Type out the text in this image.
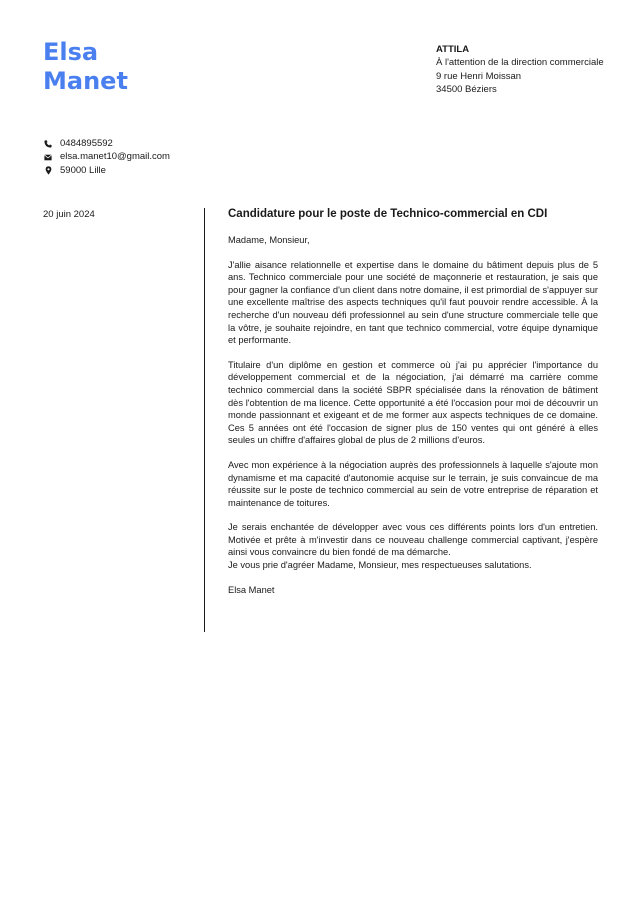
Elsa
Manet
ATTILA
À l'attention de la direction commerciale
9 rue Henri Moissan
34500 Béziers
0484895592
elsa.manet10@gmail.com
59000 Lille
20 juin 2024	Candidature pour le poste de Technico-commercial en CDI
Madame, Monsieur,

J'allie aisance relationnelle et expertise dans le domaine du bâtiment depuis plus de 5 ans. Technico commerciale pour une société de maçonnerie et restauration, je sais que pour gagner la confiance d'un client dans notre domaine, il est primordial de s'appuyer sur une excellente maîtrise des aspects techniques qu'il faut pouvoir rendre accessible. À la recherche d'un nouveau défi professionnel au sein d'une structure commerciale telle que la vôtre, je souhaite rejoindre, en tant que technico commercial, votre équipe dynamique et performante.

Titulaire d'un diplôme en gestion et commerce où j'ai pu apprécier l'importance du développement commercial et de la négociation, j'ai démarré ma carrière comme technico commercial dans la société SBPR spécialisée dans la rénovation de bâtiment dès l'obtention de ma licence. Cette opportunité a été l'occasion pour moi de découvrir un monde passionnant et exigeant et de me former aux aspects techniques de ce domaine. Ces 5 années ont été l'occasion de signer plus de 150 ventes qui ont généré à elles seules un chiffre d'affaires global de plus de 2 millions d'euros.

Avec mon expérience à la négociation auprès des professionnels à laquelle s'ajoute mon dynamisme et ma capacité d'autonomie acquise sur le terrain, je suis convaincue de ma réussite sur le poste de technico commercial au sein de votre entreprise de réparation et maintenance de toitures.

Je serais enchantée de développer avec vous ces différents points lors d'un entretien. Motivée et prête à m'investir dans ce nouveau challenge commercial captivant, j'espère ainsi vous convaincre du bien fondé de ma démarche.

Je vous prie d'agréer Madame, Monsieur, mes respectueuses salutations.
Elsa Manet
